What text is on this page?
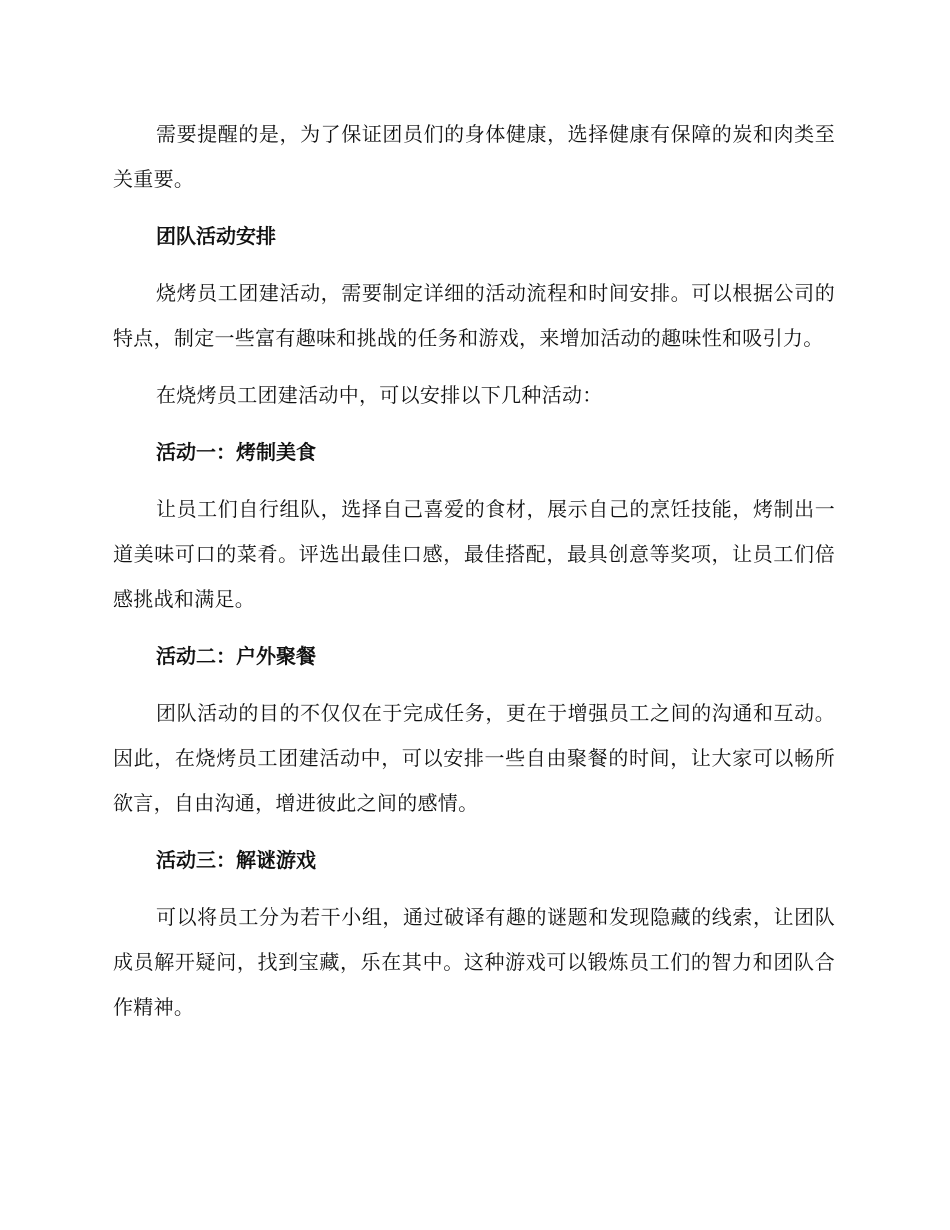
需要提醒的是，为了保证团员们的身体健康，选择健康有保障的炭和肉类至关重要。

团队活动安排

烧烤员工团建活动，需要制定详细的活动流程和时间安排。可以根据公司的特点，制定一些富有趣味和挑战的任务和游戏，来增加活动的趣味性和吸引力。

在烧烤员工团建活动中，可以安排以下几种活动：

活动一：烤制美食

让员工们自行组队，选择自己喜爱的食材，展示自己的烹饪技能，烤制出一道美味可口的菜肴。评选出最佳口感，最佳搭配，最具创意等奖项，让员工们倍感挑战和满足。

活动二：户外聚餐

团队活动的目的不仅仅在于完成任务，更在于增强员工之间的沟通和互动。因此，在烧烤员工团建活动中，可以安排一些自由聚餐的时间，让大家可以畅所欲言，自由沟通，增进彼此之间的感情。

活动三：解谜游戏

可以将员工分为若干小组，通过破译有趣的谜题和发现隐藏的线索，让团队成员解开疑问，找到宝藏，乐在其中。这种游戏可以锻炼员工们的智力和团队合作精神。
